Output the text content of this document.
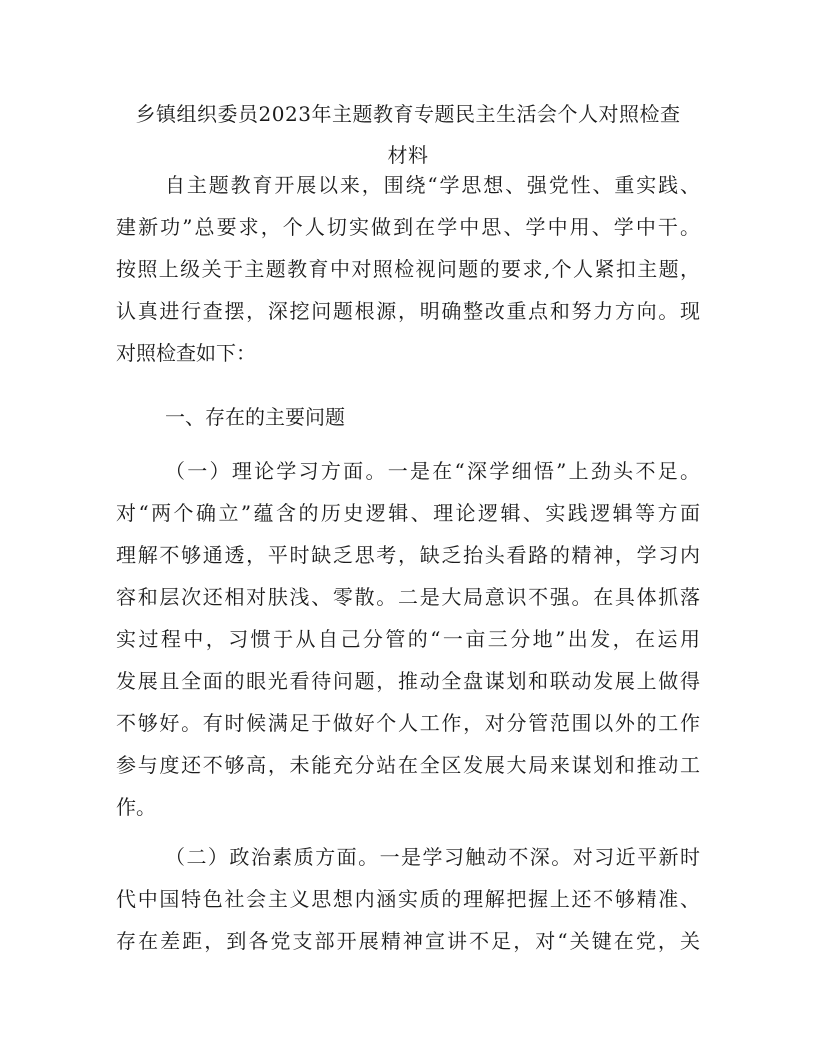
乡镇组织委员2023年主题教育专题民主生活会个人对照检查
材料
自主题教育开展以来，围绕“学思想、强党性、重实践、
建新功”总要求，个人切实做到在学中思、学中用、学中干。
按照上级关于主题教育中对照检视问题的要求,个人紧扣主题，
认真进行查摆，深挖问题根源，明确整改重点和努力方向。现
对照检查如下：
一、存在的主要问题
（一）理论学习方面。一是在“深学细悟”上劲头不足。
对“两个确立”蕴含的历史逻辑、理论逻辑、实践逻辑等方面
理解不够通透，平时缺乏思考，缺乏抬头看路的精神，学习内
容和层次还相对肤浅、零散。二是大局意识不强。在具体抓落
实过程中，习惯于从自己分管的“一亩三分地”出发，在运用
发展且全面的眼光看待问题，推动全盘谋划和联动发展上做得
不够好。有时候满足于做好个人工作，对分管范围以外的工作
参与度还不够高，未能充分站在全区发展大局来谋划和推动工
作。
（二）政治素质方面。一是学习触动不深。对习近平新时
代中国特色社会主义思想内涵实质的理解把握上还不够精准、
存在差距，到各党支部开展精神宣讲不足，对“关键在党，关
